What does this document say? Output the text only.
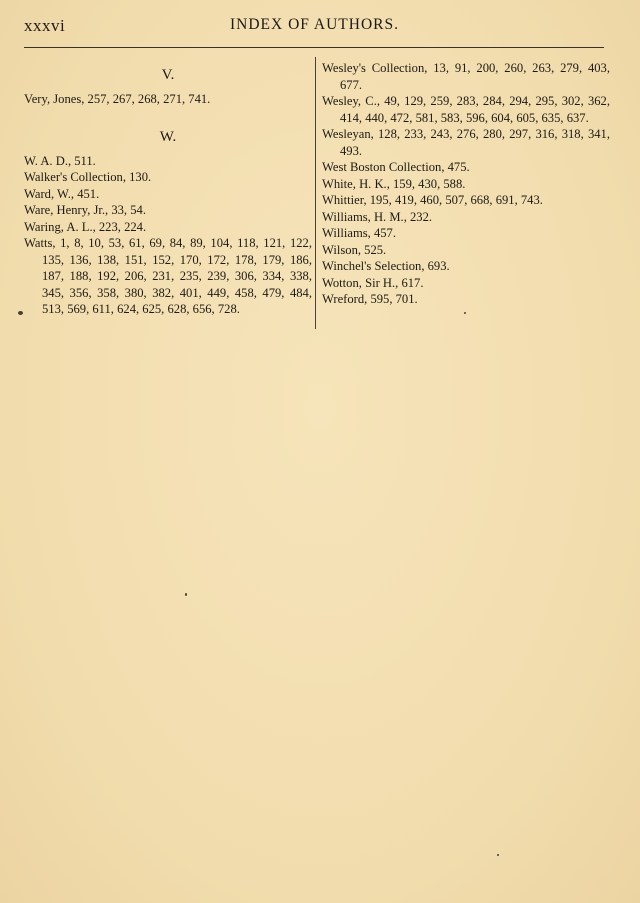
xxxvi	INDEX OF AUTHORS.
V.
Very, Jones, 257, 267, 268, 271, 741.
W.
W. A. D., 511.
Walker's Collection, 130.
Ward, W., 451.
Ware, Henry, Jr., 33, 54.
Waring, A. L., 223, 224.
Watts, 1, 8, 10, 53, 61, 69, 84, 89, 104, 118, 121, 122, 135, 136, 138, 151, 152, 170, 172, 178, 179, 186, 187, 188, 192, 206, 231, 235, 239, 306, 334, 338, 345, 356, 358, 380, 382, 401, 449, 458, 479, 484, 513, 569, 611, 624, 625, 628, 656, 728.
Wesley's Collection, 13, 91, 200, 260, 263, 279, 403, 677.
Wesley, C., 49, 129, 259, 283, 284, 294, 295, 302, 362, 414, 440, 472, 581, 583, 596, 604, 605, 635, 637.
Wesleyan, 128, 233, 243, 276, 280, 297, 316, 318, 341, 493.
West Boston Collection, 475.
White, H. K., 159, 430, 588.
Whittier, 195, 419, 460, 507, 668, 691, 743.
Williams, H. M., 232.
Williams, 457.
Wilson, 525.
Winchel's Selection, 693.
Wotton, Sir H., 617.
Wreford, 595, 701.
